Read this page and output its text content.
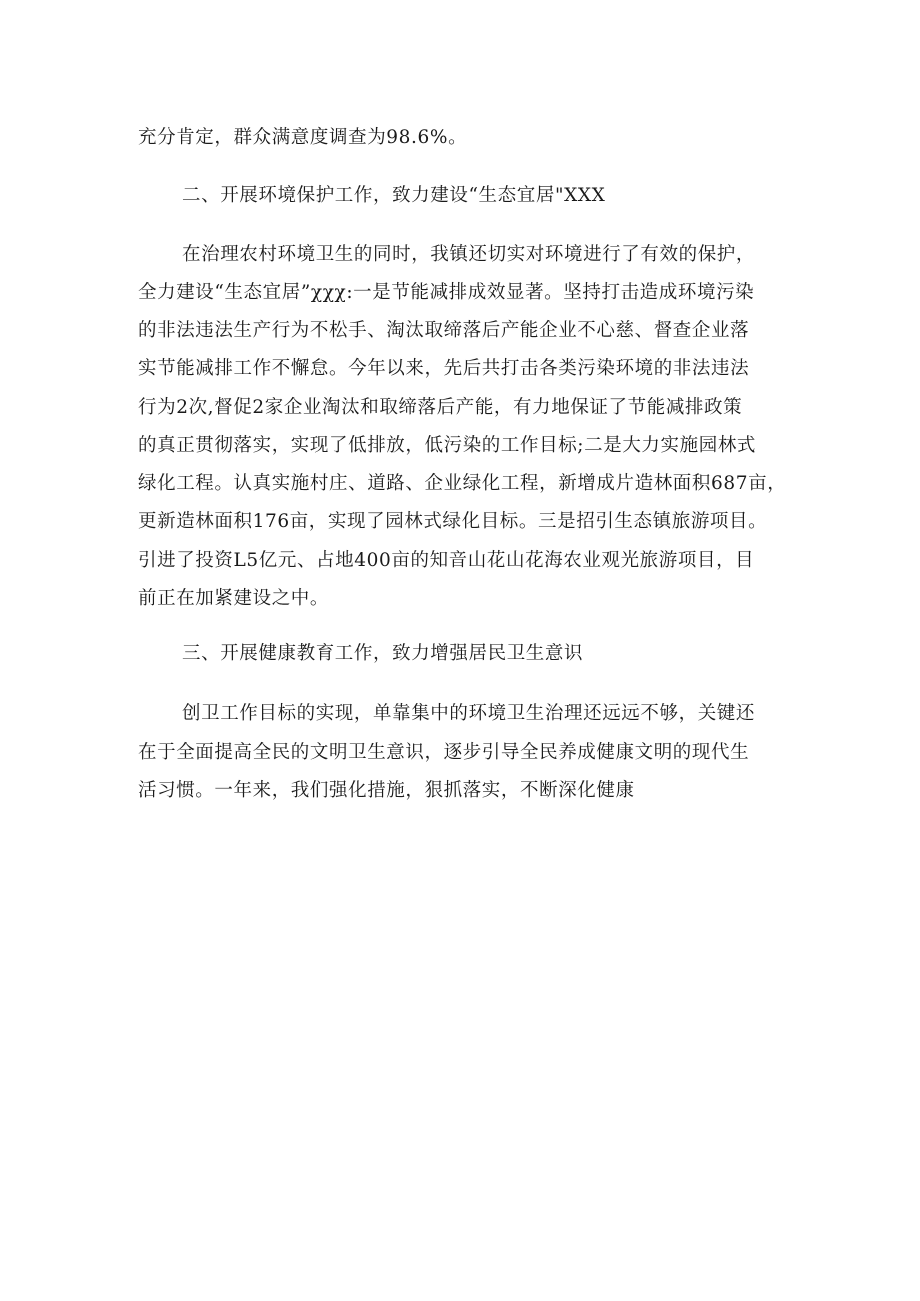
充分肯定，群众满意度调查为98.6%。

二、开展环境保护工作，致力建设“生态宜居"XXX

在治理农村环境卫生的同时，我镇还切实对环境进行了有效的保护，

全力建设“生态宜居”χχχ:一是节能减排成效显著。坚持打击造成环境污染

的非法违法生产行为不松手、淘汰取缔落后产能企业不心慈、督查企业落

实节能减排工作不懈怠。今年以来，先后共打击各类污染环境的非法违法

行为2次,督促2家企业淘汰和取缔落后产能，有力地保证了节能减排政策

的真正贯彻落实，实现了低排放，低污染的工作目标;二是大力实施园林式

绿化工程。认真实施村庄、道路、企业绿化工程，新增成片造林面积687亩，

更新造林面积176亩，实现了园林式绿化目标。三是招引生态镇旅游项目。

引进了投资L5亿元、占地400亩的知音山花山花海农业观光旅游项目，目

前正在加紧建设之中。

三、开展健康教育工作，致力增强居民卫生意识

创卫工作目标的实现，单靠集中的环境卫生治理还远远不够，关键还

在于全面提高全民的文明卫生意识，逐步引导全民养成健康文明的现代生

活习惯。一年来，我们强化措施，狠抓落实，不断深化健康
